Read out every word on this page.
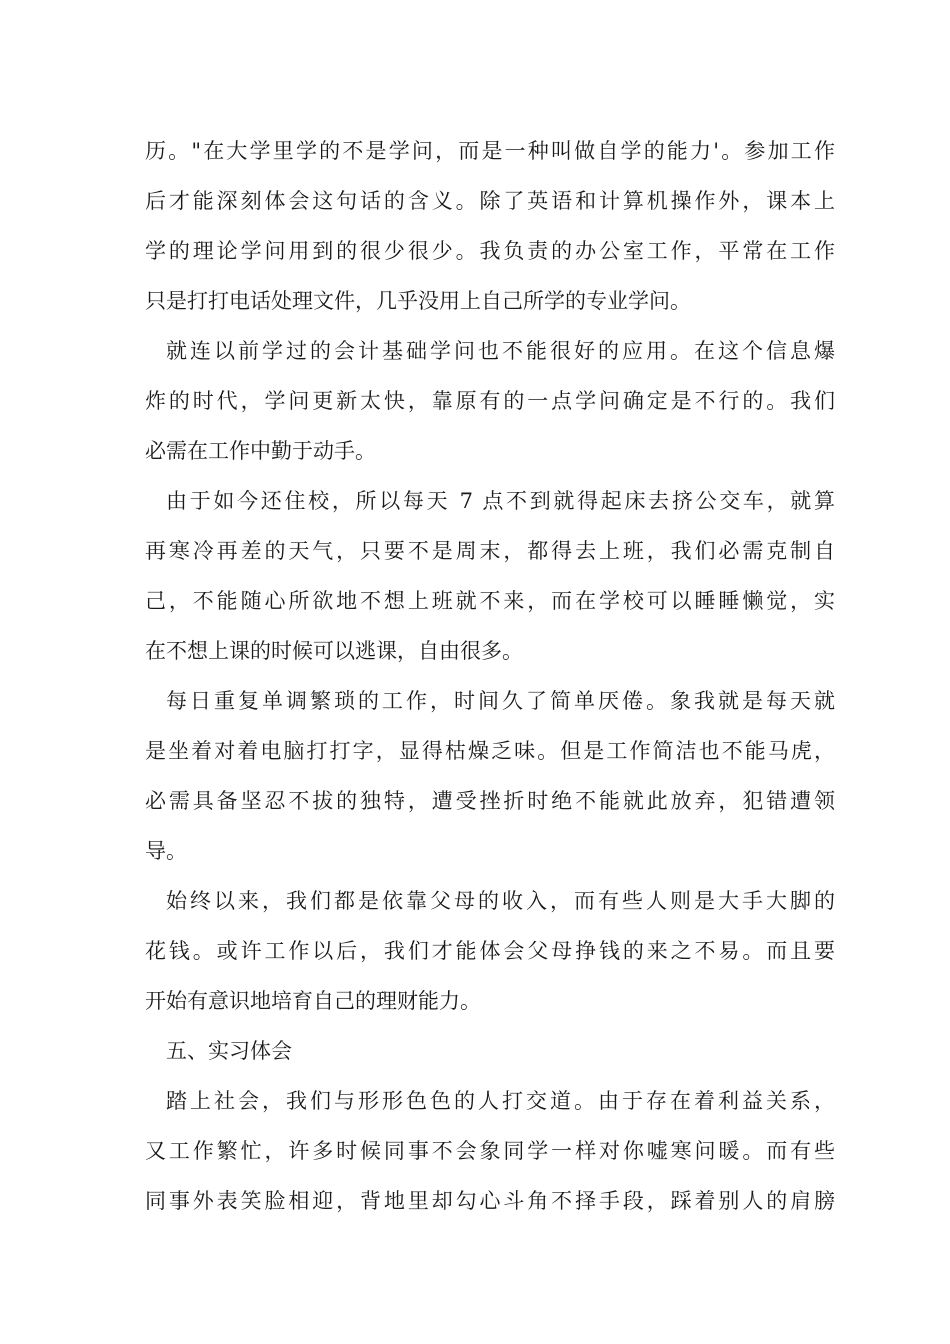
历。"在大学里学的不是学问，而是一种叫做自学的能力'。参加工作
后才能深刻体会这句话的含义。除了英语和计算机操作外，课本上
学的理论学问用到的很少很少。我负责的办公室工作，平常在工作
只是打打电话处理文件，几乎没用上自己所学的专业学问。
就连以前学过的会计基础学问也不能很好的应用。在这个信息爆
炸的时代，学问更新太快，靠原有的一点学问确定是不行的。我们
必需在工作中勤于动手。
由于如今还住校，所以每天 7 点不到就得起床去挤公交车，就算
再寒冷再差的天气，只要不是周末，都得去上班，我们必需克制自
己，不能随心所欲地不想上班就不来，而在学校可以睡睡懒觉，实
在不想上课的时候可以逃课，自由很多。
每日重复单调繁琐的工作，时间久了简单厌倦。象我就是每天就
是坐着对着电脑打打字，显得枯燥乏味。但是工作简洁也不能马虎，
必需具备坚忍不拔的独特，遭受挫折时绝不能就此放弃，犯错遭领
导。
始终以来，我们都是依靠父母的收入，而有些人则是大手大脚的
花钱。或许工作以后，我们才能体会父母挣钱的来之不易。而且要
开始有意识地培育自己的理财能力。
五、实习体会
踏上社会，我们与形形色色的人打交道。由于存在着利益关系，
又工作繁忙，许多时候同事不会象同学一样对你嘘寒问暖。而有些
同事外表笑脸相迎，背地里却勾心斗角不择手段，踩着别人的肩膀
